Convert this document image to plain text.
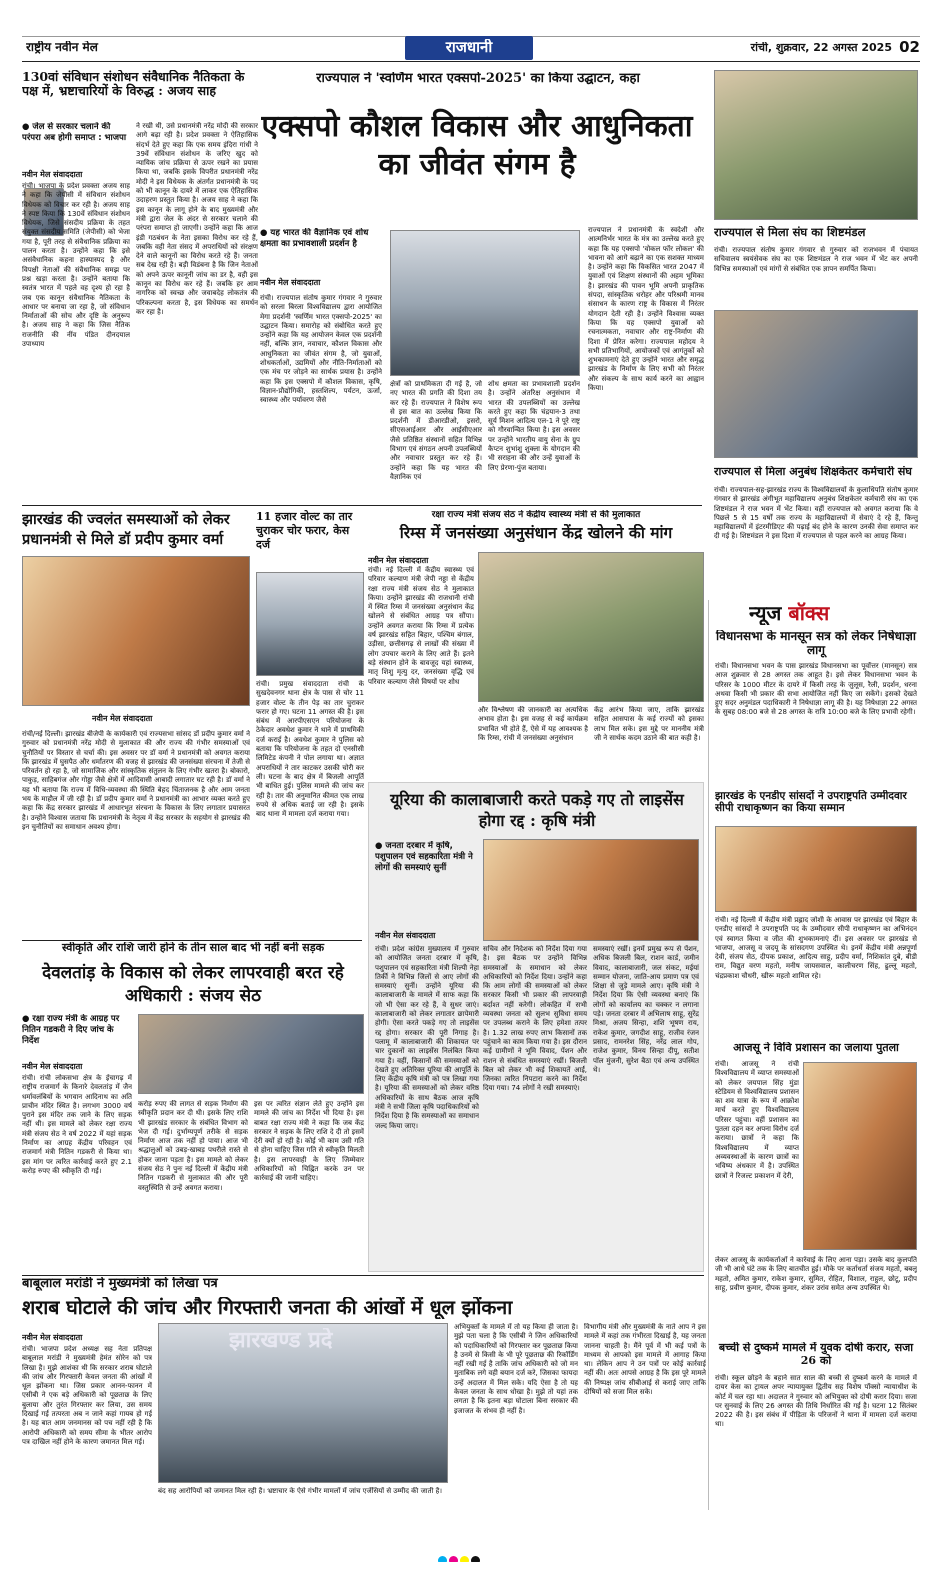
राष्ट्रीय नवीन मेल	राजधानी	रांची, शुक्रवार, 22 अगस्त 2025 02
130वां संविधान संशोधन संवैधानिक नैतिकता के पक्ष में, भ्रष्टाचारियों के विरुद्ध : अजय साह
● जेल से सरकार चलाने की परंपरा अब होगी समाप्त : भाजपा
नवीन मेल संवाददाता
रांची। भाजपा के प्रदेश प्रवक्ता अजय साह ने कहा कि जेपीसी में संविधान संशोधन विधेयक को विचार कर रही है। अजय साह ने स्पष्ट किया कि 130वें संविधान संशोधन विधेयक, जिसे संसदीय प्रक्रिया के तहत संयुक्त संसदीय समिति (जेपीसी) को भेजा गया है, पूरी तरह से संवैधानिक प्रक्रिया का पालन करता है। उन्होंने कहा कि इसे असंवैधानिक कहना हास्यास्पद है और विपक्षी नेताओं की संवैधानिक समझ पर प्रश्न खड़ा करता है। उन्होंने बताया कि स्वतंत्र भारत में पहले वह दृश्य हो रहा है जब एक कानून संवैधानिक नैतिकता के आधार पर बनाया जा रहा है, जो संविधान निर्माताओं की सोच और दृष्टि के अनुरूप है। अजय साह ने कहा कि जिस नैतिक राजनीति की नींव पंडित दीनदयाल उपाध्याय
ने रखी थी, उसे प्रधानमंत्री नरेंद्र मोदी की सरकार आगे बढ़ा रही है। प्रदेश प्रवक्ता ने ऐतिहासिक संदर्भ देते हुए कहा कि एक समय इंदिरा गांधी ने 39वें संविधान संशोधन के जरिए खुद को न्यायिक जांच प्रक्रिया से ऊपर रखने का प्रयास किया था, जबकि इसके विपरीत प्रधानमंत्री नरेंद्र मोदी ने इस विधेयक के अंतर्गत प्रधानमंत्री के पद को भी कानून के दायरे में लाकर एक ऐतिहासिक उदाहरण प्रस्तुत किया है। अजय साह ने कहा कि इस कानून के लागू होने के बाद मुख्यमंत्री और मंत्री द्वारा जेल के अंदर से सरकार चलाने की परंपरा समाप्त हो जाएगी। उन्होंने कहा कि आज इंडी गठबंधन के नेता इसका विरोध कर रहे हैं, जबकि वही नेता संसद में अपराधियों को संरक्षण देने वाले कानूनों का विरोध करते रहे हैं। जनता सब देख रही है। बड़ी विडंबना है कि जिन नेताओं को अपने ऊपर कानूनी जांच का डर है, वही इस कानून का विरोध कर रहे हैं। जबकि हर आम नागरिक को स्वच्छ और जवाबदेह लोकतंत्र की परिकल्पना करता है, इस विधेयक का समर्थन कर रहा है।
राज्यपाल ने 'स्वर्णिम भारत एक्सपो-2025' का किया उद्घाटन, कहा
एक्सपो कौशल विकास और आधुनिकता का जीवंत संगम है
● यह भारत की वैज्ञानिक एवं शोध क्षमता का प्रभावशाली प्रदर्शन है
नवीन मेल संवाददाता
रांची। राज्यपाल संतोष कुमार गंगवार ने गुरुवार को सरला बिरला विश्वविद्यालय द्वारा आयोजित मेगा प्रदर्शनी 'स्वर्णिम भारत एक्सपो-2025' का उद्घाटन किया। समारोह को संबोधित करते हुए उन्होंने कहा कि यह आयोजन केवल एक प्रदर्शनी नहीं, बल्कि ज्ञान, नवाचार, कौशल विकास और आधुनिकता का जीवंत संगम है, जो युवाओं, शोधकर्ताओं, उद्यमियों और नीति-निर्माताओं को एक मंच पर जोड़ने का सार्थक प्रयास है। उन्होंने कहा कि इस एक्सपो में कौशल विकास, कृषि, विज्ञान-प्रौद्योगिकी, हस्तशिल्प, पर्यटन, ऊर्जा, स्वास्थ्य और पर्यावरण जैसे
क्षेत्रों को प्राथमिकता दी गई है, जो नए भारत की प्रगति की दिशा तय कर रहे हैं। राज्यपाल ने विशेष रूप से इस बात का उल्लेख किया कि प्रदर्शनी में डीआरडीओ, इसरो, सीएसआईआर और आईसीएआर जैसे प्रतिष्ठित संस्थानों सहित विभिन्न विभाग एवं संगठन अपनी उपलब्धियों और नवाचार प्रस्तुत कर रहे हैं। उन्होंने कहा कि यह भारत की वैज्ञानिक एवं
शोध क्षमता का प्रभावशाली प्रदर्शन है। उन्होंने अंतरिक्ष अनुसंधान में भारत की उपलब्धियों का उल्लेख करते हुए कहा कि चंद्रयान-3 तथा सूर्य मिशन आदित्य एल-1 ने पूरे राष्ट्र को गौरवान्वित किया है। इस अवसर पर उन्होंने भारतीय वायु सेना के ग्रुप कैप्टन शुभांशु शुक्ला के योगदान की भी सराहना की और उन्हें युवाओं के लिए प्रेरणा-पुंज बताया।
राज्यपाल ने प्रधानमंत्री के स्वदेशी और आत्मनिर्भर भारत के मंत्र का उल्लेख करते हुए कहा कि यह एक्सपो 'वोकल फॉर लोकल' की भावना को आगे बढ़ाने का एक सशक्त माध्यम है। उन्होंने कहा कि विकसित भारत 2047 में युवाओं एवं शिक्षण संस्थानों की अहम भूमिका है। झारखंड की पावन भूमि अपनी प्राकृतिक संपदा, सांस्कृतिक धरोहर और परिश्रमी मानव संसाधन के कारण राष्ट्र के विकास में निरंतर योगदान देती रही है। उन्होंने विश्वास व्यक्त किया कि यह एक्सपो युवाओं को रचनात्मकता, नवाचार और राष्ट्र-निर्माण की दिशा में प्रेरित करेगा। राज्यपाल महोदय ने सभी प्रतिभागियों, आयोजकों एवं आगंतुकों को शुभकामनाएं देते हुए उन्होंने भारत और समृद्ध झारखंड के निर्माण के लिए सभी को निरंतर और संकल्प के साथ कार्य करने का आह्वान किया।
राज्यपाल से मिला संघ का शिष्टमंडल
रांची। राज्यपाल संतोष कुमार गंगवार से गुरुवार को राजभवन में पंचायत सचिवालय स्वयंसेवक संघ का एक शिष्टमंडल ने राज भवन में भेंट कर अपनी विभिन्न समस्याओं एवं मांगों से संबंधित एक ज्ञापन समर्पित किया।
राज्यपाल से मिला अनुबंध शिक्षकेतर कर्मचारी संघ
रांची। राज्यपाल-सह-झारखंड राज्य के विश्वविद्यालयों के कुलाधिपति संतोष कुमार गंगवार से झारखंड अंगीभूत महाविद्यालय अनुबंध शिक्षकेतर कर्मचारी संघ का एक शिष्टमंडल ने राज भवन में भेंट किया। वहीं राज्यपाल को अवगत कराया कि वे पिछले 5 से 15 वर्षों तक राज्य के महाविद्यालयों में सेवाएं दे रहे हैं, किन्तु महाविद्यालयों में इंटरमीडिएट की पढ़ाई बंद होने के कारण उनकी सेवा समाप्त कर दी गई है। शिष्टमंडल ने इस दिशा में राज्यपाल से पहल करने का आग्रह किया।
झारखंड की ज्वलंत समस्याओं को लेकर प्रधानमंत्री से मिले डॉ प्रदीप कुमार वर्मा
नवीन मेल संवाददाता
रांची/नई दिल्ली। झारखंड बीजेपी के कार्यकारी एवं राज्यसभा सांसद डॉ प्रदीप कुमार वर्मा ने गुरुवार को प्रधानमंत्री नरेंद्र मोदी से मुलाकात की और राज्य की गंभीर समस्याओं एवं चुनौतियों पर विस्तार से चर्चा की। इस अवसर पर डॉ वर्मा ने प्रधानमंत्री को अवगत कराया कि झारखंड में घुसपैठ और धर्मांतरण की वजह से झारखंड की जनसंख्या संरचना में तेजी से परिवर्तन हो रहा है, जो सामाजिक और सांस्कृतिक संतुलन के लिए गंभीर खतरा है। बोकारो, पाकुड़, साहिबगंज और गोड्डा जैसे क्षेत्रों में आदिवासी आबादी लगातार घट रही है। डॉ वर्मा ने यह भी बताया कि राज्य में विधि-व्यवस्था की स्थिति बेहद चिंताजनक है और आम जनता भय के माहौल में जी रही है। डॉ प्रदीप कुमार वर्मा ने प्रधानमंत्री का आभार व्यक्त करते हुए कहा कि केंद्र सरकार झारखंड में आधारभूत संरचना के विकास के लिए लगातार प्रयासरत है। उन्होंने विश्वास जताया कि प्रधानमंत्री के नेतृत्व में केंद्र सरकार के सहयोग से झारखंड की इन चुनौतियों का समाधान अवश्य होगा।
11 हजार वोल्ट का तार चुराकर चोर फरार, केस दर्ज
रांची। प्रमुख संवाददाता रांची के सुखदेवनगर थाना क्षेत्र के पास से चोर 11 हजार वोल्ट के तीन पेड़ का तार चुराकर फरार हो गए। घटना 11 अगस्त की है। इस संबंध में आरपीएसएन परियोजना के ठेकेदार अवधेश कुमार ने थाने में प्राथमिकी दर्ज कराई है। अवधेश कुमार ने पुलिस को बताया कि परियोजना के तहत दो एनसीसी लिमिटेड कंपनी ने पोल लगाया था। अज्ञात अपराधियों ने तार काटकर उसकी चोरी कर ली। घटना के बाद क्षेत्र में बिजली आपूर्ति भी बाधित हुई। पुलिस मामले की जांच कर रही है। तार की अनुमानित कीमत एक लाख रुपये से अधिक बताई जा रही है। इसके बाद थाना में मामला दर्ज कराया गया।
रक्षा राज्य मंत्री संजय सेठ ने केंद्रीय स्वास्थ्य मंत्री से की मुलाकात
रिम्स में जनसंख्या अनुसंधान केंद्र खोलने की मांग
नवीन मेल संवाददाता
रांची। नई दिल्ली में केंद्रीय स्वास्थ्य एवं परिवार कल्याण मंत्री जेपी नड्डा से केंद्रीय रक्षा राज्य मंत्री संजय सेठ ने मुलाकात किया। उन्होंने झारखंड की राजधानी रांची में स्थित रिम्स में जनसंख्या अनुसंधान केंद्र खोलने से संबंधित आग्रह पत्र सौंपा। उन्होंने अवगत कराया कि रिम्स में प्रत्येक वर्ष झारखंड सहित बिहार, पश्चिम बंगाल, उड़ीसा, छत्तीसगढ़ से लाखों की संख्या में लोग उपचार कराने के लिए आते हैं। इतने बड़े संस्थान होने के बावजूद यहां स्वास्थ्य, मातृ शिशु मृत्यु दर, जनसंख्या वृद्धि एवं परिवार कल्याण जैसे विषयों पर शोध
और विश्लेषण की जानकारी का अत्यधिक अभाव होता है। इस वजह से कई कार्यक्रम प्रभावित भी होते हैं, ऐसे में यह आवश्यक है कि रिम्स, रांची में जनसंख्या अनुसंधान
केंद्र आरंभ किया जाए, ताकि झारखंड सहित आसपास के कई राज्यों को इसका लाभ मिल सके। इस मुद्दे पर माननीय मंत्री जी ने सार्थक कदम उठाने की बात कही है।
न्यूज बॉक्स
विधानसभा के मानसून सत्र को लेकर निषेधाज्ञा लागू
रांची। विधानसभा भवन के पास झारखंड विधानसभा का पूर्वोत्तर (मानसून) सत्र आज शुक्रवार से 28 अगस्त तक आहूत है। इसे लेकर विधानसभा भवन के परिसर के 1000 मीटर के दायरे में किसी तरह के जुलूस, रैली, प्रदर्शन, धरना अथवा किसी भी प्रकार की सभा आयोजित नहीं किए जा सकेंगे। इसको देखते हुए सदर अनुमंडल पदाधिकारी ने निषेधाज्ञा लागू की है। यह निषेधाज्ञा 22 अगस्त के सुबह 08:00 बजे से 28 अगस्त के रात्रि 10:00 बजे के लिए प्रभावी रहेगी।
झारखंड के एनडीए सांसदों ने उपराष्ट्रपति उम्मीदवार सीपी राधाकृष्णन का किया सम्मान
रांची। नई दिल्ली में केंद्रीय मंत्री प्रह्लाद जोशी के आवास पर झारखंड एवं बिहार के एनडीए सांसदों ने उपराष्ट्रपति पद के उम्मीदवार सीपी राधाकृष्णन का अभिनंदन एवं स्वागत किया व जीत की शुभकामनाएं दीं। इस अवसर पर झारखंड से भाजपा, आजसू व जदयू के सांसदगण उपस्थित थे। इनमें केंद्रीय मंत्री अन्नपूर्णा देवी, संजय सेठ, दीपक प्रकाश, आदित्य साहू, प्रदीप वर्मा, निशिकांत दुबे, बीडी राम, विद्युत वरण महतो, मनीष जायसवाल, कालीचरण सिंह, ढुल्लू महतो, चंद्रप्रकाश चौधरी, खीरू महतो शामिल रहे।
आजसू ने विवि प्रशासन का जलाया पुतला
रांची। आजसू ने रांची विश्वविद्यालय में व्याप्त समस्याओं को लेकर जयपाल सिंह मुंडा स्टेडियम से विश्वविद्यालय प्रशासन का शव यात्रा के रूप में आक्रोश मार्च करते हुए विश्वविद्यालय परिसर पहुंचा। वहीं प्रशासन का पुतला दहन कर अपना विरोध दर्ज कराया। छात्रों ने कहा कि विश्वविद्यालय में व्याप्त अव्यवस्थाओं के कारण छात्रों का भविष्य अंधकार में है। उपस्थित छात्रों ने रिजल्ट प्रकाशन में देरी,
लेकर आजसू के कार्यकर्ताओं ने कार्रवाई के लिए आना पड़ा। उसके बाद कुलपति जी भी आधे घंटे तक के लिए बातचीत हुई। मौके पर कर्ताधर्ता संजय महतो, बबलू महतो, अमित कुमार, राकेश कुमार, सुमित, रोहित, विशाल, राहुल, छोटू, प्रदीप साहू, प्रवीण कुमार, दीपक कुमार, शंकर उरांव समेत अन्य उपस्थित थे।
बच्ची से दुष्कर्म मामले में युवक दोषी करार, सजा 26 को
रांची। स्कूल छोड़ने के बहाने सात साल की बच्ची से दुष्कर्म करने के मामले में दायर केस का ट्रायल अपर न्यायायुक्त द्वितीय सह विशेष पॉक्सो न्यायाधीश के कोर्ट में चल रहा था। अदालत ने गुरुवार को अभियुक्त को दोषी करार दिया। सजा पर सुनवाई के लिए 26 अगस्त की तिथि निर्धारित की गई है। घटना 12 सितंबर 2022 की है। इस संबंध में पीड़िता के परिजनों ने थाना में मामला दर्ज कराया था।
यूरिया की कालाबाजारी करते पकड़े गए तो लाइसेंस होगा रद्द : कृषि मंत्री
● जनता दरबार में कृषि, पशुपालन एवं सहकारिता मंत्री ने लोगों की समस्याएं सुनीं
नवीन मेल संवाददाता
रांची। प्रदेश कांग्रेस मुख्यालय में गुरुवार को आयोजित जनता दरबार में कृषि, पशुपालन एवं सहकारिता मंत्री शिल्पी नेहा तिर्की ने विभिन्न जिलों से आए लोगों की समस्याएं सुनीं। उन्होंने यूरिया की कालाबाजारी के मामले में साफ कहा कि जो भी ऐसा कर रहे हैं, वे सुधर जाएं। कालाबाजारी को लेकर लगातार छापेमारी होगी। ऐसा करते पकड़े गए तो लाइसेंस रद्द होगा। सरकार की पूरी निगाह है। पलामू में कालाबाजारी की शिकायत पर चार दुकानों का लाइसेंस निलंबित किया गया है। वहीं, किसानों की समस्याओं को देखते हुए अतिरिक्त यूरिया की आपूर्ति के लिए केंद्रीय कृषि मंत्री को पत्र लिखा गया है। यूरिया की समस्याओं को लेकर वरिष्ठ अधिकारियों के साथ बैठक आज कृषि मंत्री ने सभी जिला कृषि पदाधिकारियों को निर्देश दिया है कि समस्याओं का समाधान जल्द किया जाए।
सचिव और निदेशक को निर्देश दिया गया है। इस बैठक पर उन्होंने विभिन्न समस्याओं के समाधान को लेकर अधिकारियों को निर्देश दिया। उन्होंने कहा कि आम लोगों की समस्याओं को लेकर सरकार किसी भी प्रकार की लापरवाही बर्दाश्त नहीं करेगी। लोकहित में सभी व्यवस्था जनता को सुलभ सुविधा समय पर उपलब्ध कराने के लिए हमेशा तत्पर है। 1.32 लाख रुपए लाभ किसानों तक पहुंचाने का काम किया गया है। इस दौरान कई ग्रामीणों ने भूमि विवाद, पेंशन और राशन से संबंधित समस्याएं रखीं। बिजली बिल को लेकर भी कई शिकायतें आईं, जिनका त्वरित निपटारा करने का निर्देश दिया गया। 74 लोगों ने रखी समस्याएं।
समस्याएं रखीं। इनमें प्रमुख रूप से पेंशन, अधिक बिजली बिल, राशन कार्ड, जमीन विवाद, कालाबाजारी, जल संकट, मईयां सम्मान योजना, जाति-आय प्रमाण पत्र एवं शिक्षा से जुड़े मामले आए। कृषि मंत्री ने निर्देश दिया कि ऐसी व्यवस्था बनाएं कि लोगों को कार्यालय का चक्कर न लगाना पड़े। जनता दरबार में अभिलाष साहू, सुरेंद्र मिश्रा, अजय सिन्हा, शशि भूषण राय, राकेश कुमार, जगदीश साहू, राजीव रंजन प्रसाद, रामनरेश सिंह, नरेंद्र लाल गोप, राजेश कुमार, विनय सिन्हा दीपू, सतीश पॉल मुंजनी, सुरेश बैठा एवं अन्य उपस्थित थे।
स्वीकृति और राशि जारी होने के तीन साल बाद भी नहीं बनी सड़क
देवलतांड़ के विकास को लेकर लापरवाही बरत रहे अधिकारी : संजय सेठ
● रक्षा राज्य मंत्री के आग्रह पर नितिन गडकरी ने दिए जांच के निर्देश
नवीन मेल संवाददाता
रांची। रांची लोकसभा क्षेत्र के ईचागढ़ में राष्ट्रीय राजमार्ग के किनारे देवलतांड़ में जैन धर्मावलंबियों के भगवान आदिनाथ का अति प्राचीन मंदिर स्थित है। लगभग 3000 वर्ष पुराने इस मंदिर तक जाने के लिए सड़क नहीं थी। इस मामले को लेकर रक्षा राज्य मंत्री संजय सेठ ने वर्ष 2022 में यहां सड़क निर्माण का आग्रह केंद्रीय परिवहन एवं राजमार्ग मंत्री नितिन गडकरी से किया था। इस मांग पर त्वरित कार्रवाई करते हुए 2.1 करोड़ रुपए की स्वीकृति दी गई।
करोड़ रुपए की लागत से सड़क निर्माण की स्वीकृति प्रदान कर दी थी। इसके लिए राशि भी झारखंड सरकार के संबंधित विभाग को भेज दी गई। दुर्भाग्यपूर्ण तरीके से सड़क निर्माण आज तक नहीं हो पाया। आज भी श्रद्धालुओं को उबड़-खाबड़ पथरीले रास्ते से होकर जाना पड़ता है। इस मामले को लेकर संजय सेठ ने पुनः नई दिल्ली में केंद्रीय मंत्री नितिन गडकरी से मुलाकात की और पूरी वस्तुस्थिति से उन्हें अवगत कराया।
इस पर त्वरित संज्ञान लेते हुए उन्होंने इस मामले की जांच का निर्देश भी दिया है। इस बाबत रक्षा राज्य मंत्री ने कहा कि जब केंद्र सरकार ने सड़क के लिए राशि दे दी तो इसमें देरी क्यों हो रही है। कोई भी काम उसी गति से होना चाहिए जिस गति से स्वीकृति मिलती है। इस लापरवाही के लिए जिम्मेवार अधिकारियों को चिह्नित करके उन पर कार्रवाई की जानी चाहिए।
बाबूलाल मरांडी ने मुख्यमंत्री को लिखा पत्र
शराब घोटाले की जांच और गिरफ्तारी जनता की आंखों में धूल झोंकना
नवीन मेल संवाददाता
रांची। भाजपा प्रदेश अध्यक्ष सह नेता प्रतिपक्ष बाबूलाल मरांडी ने मुख्यमंत्री हेमंत सोरेन को पत्र लिखा है। मुझे आशंका थी कि सरकार शराब घोटाले की जांच और गिरफ्तारी केवल जनता की आंखों में धूल झोंकना था। जिस प्रकार आनन-फानन में एसीबी ने एक बड़े अधिकारी को पूछताछ के लिए बुलाया और तुरंत गिरफ्तार कर लिया, उस समय दिखाई गई तत्परता अब न जाने कहां गायब हो गई है। यह बात आम जनमानस को पच नहीं रही है कि आरोपी अधिकारी को समय सीमा के भीतर आरोप पत्र दाखिल नहीं होने के कारण जमानत मिल गई।
झारखण्ड प्रदे
बंद सह आरोपियों को जमानत मिल रही है। भ्रष्टाचार के ऐसे गंभीर मामलों में जांच एजेंसियों से उम्मीद की जाती है।
अभियुक्तों के मामले में तो यह किया ही जाता है। मुझे पता चला है कि एसीबी ने जिन अधिकारियों को पदाधिकारियों को गिरफ्तार कर पूछताछ किया है उनमें से किसी के भी पूरे पूछताछ की रिकॉर्डिंग नहीं रखी गई है ताकि जांच अधिकारी को जो मन मुताबिक लगे वही बयान दर्ज करे, जिसका फायदा उन्हें अदालत में मिल सके। यदि ऐसा है तो यह केवल जनता के साथ धोखा है। मुझे तो यहां तक लगता है कि इतना बड़ा घोटाला बिना सरकार की इजाजत के संभव ही नहीं है।
विभागीय मंत्री और मुख्यमंत्री के नाते आप ने इस मामले में कहां तक गंभीरता दिखाई है, यह जनता जानना चाहती है। मैंने पूर्व में भी कई पत्रों के माध्यम से आपको इस मामले में आगाह किया था। लेकिन आप ने उन पत्रों पर कोई कार्रवाई नहीं की। अतः आपसे आग्रह है कि इस पूरे मामले की निष्पक्ष जांच सीबीआई से कराई जाए ताकि दोषियों को सजा मिल सके।
